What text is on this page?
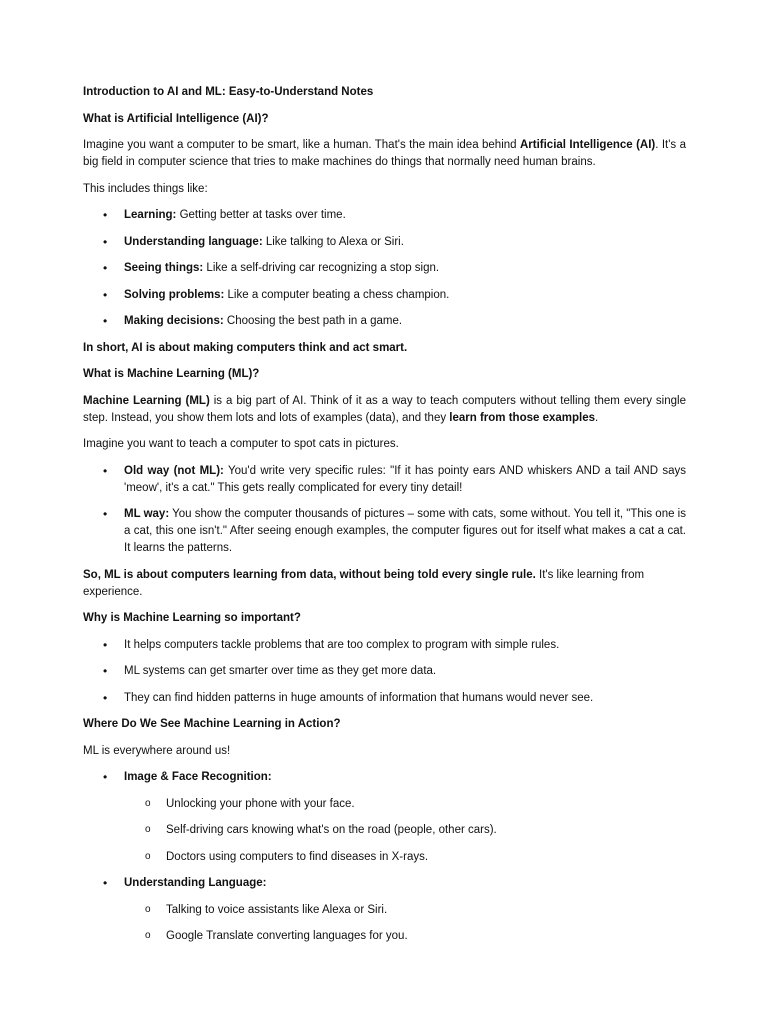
Introduction to AI and ML: Easy-to-Understand Notes

What is Artificial Intelligence (AI)?

Imagine you want a computer to be smart, like a human. That's the main idea behind Artificial Intelligence (AI). It's a big field in computer science that tries to make machines do things that normally need human brains.

This includes things like:

• Learning: Getting better at tasks over time.
• Understanding language: Like talking to Alexa or Siri.
• Seeing things: Like a self-driving car recognizing a stop sign.
• Solving problems: Like a computer beating a chess champion.
• Making decisions: Choosing the best path in a game.

In short, AI is about making computers think and act smart.

What is Machine Learning (ML)?

Machine Learning (ML) is a big part of AI. Think of it as a way to teach computers without telling them every single step. Instead, you show them lots and lots of examples (data), and they learn from those examples.

Imagine you want to teach a computer to spot cats in pictures.

• Old way (not ML): You'd write very specific rules: "If it has pointy ears AND whiskers AND a tail AND says 'meow', it's a cat." This gets really complicated for every tiny detail!
• ML way: You show the computer thousands of pictures – some with cats, some without. You tell it, "This one is a cat, this one isn't." After seeing enough examples, the computer figures out for itself what makes a cat a cat. It learns the patterns.

So, ML is about computers learning from data, without being told every single rule. It's like learning from experience.

Why is Machine Learning so important?

• It helps computers tackle problems that are too complex to program with simple rules.
• ML systems can get smarter over time as they get more data.
• They can find hidden patterns in huge amounts of information that humans would never see.

Where Do We See Machine Learning in Action?

ML is everywhere around us!

• Image & Face Recognition:
o Unlocking your phone with your face.
o Self-driving cars knowing what's on the road (people, other cars).
o Doctors using computers to find diseases in X-rays.
• Understanding Language:
o Talking to voice assistants like Alexa or Siri.
o Google Translate converting languages for you.
